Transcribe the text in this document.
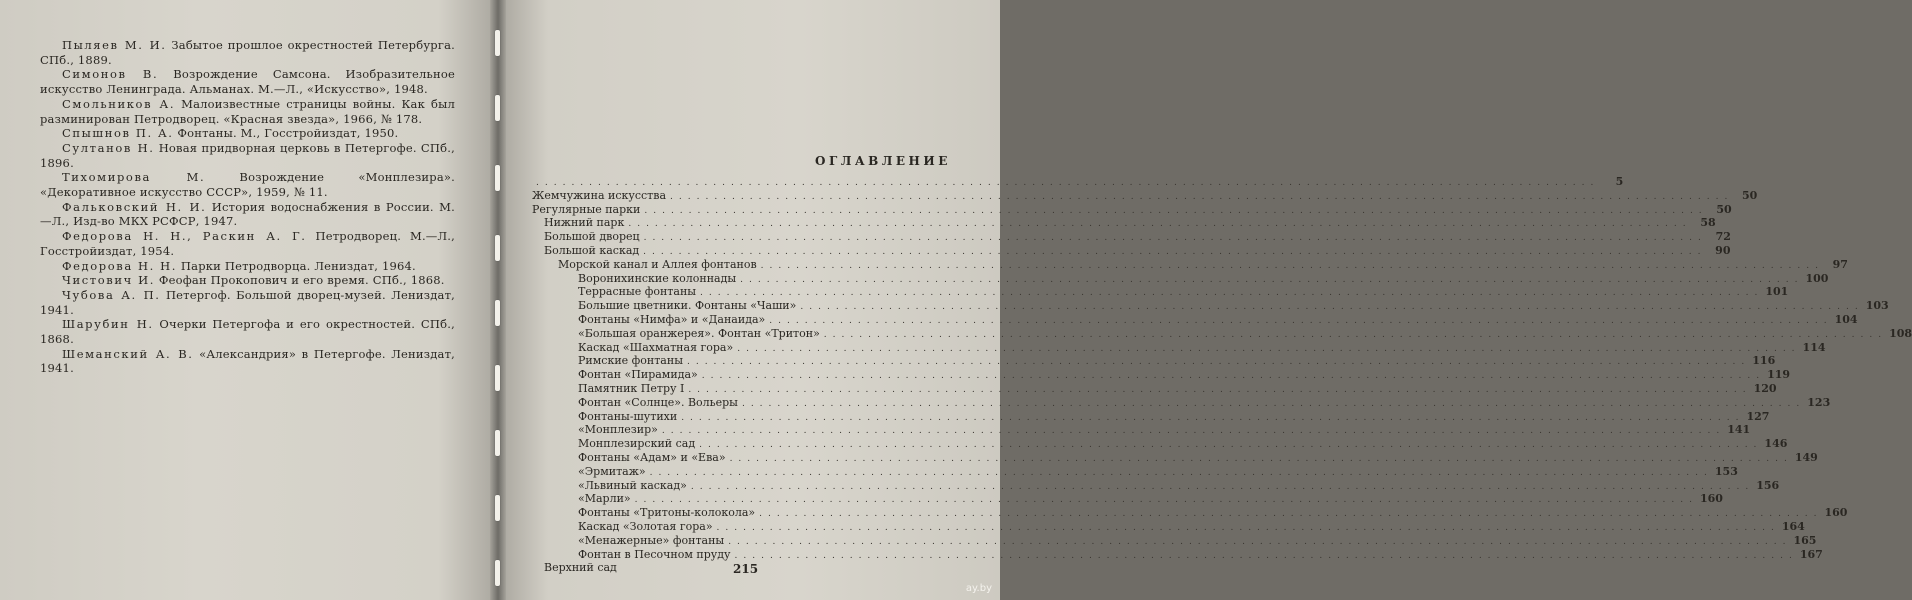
Пыляев М. И. Забытое прошлое окрестностей Петербурга. СПб., 1889.

Симонов В. Возрождение Самсона. Изобразительное искусство Ленинграда. Альманах. М.—Л., «Искусство», 1948.

Смольников А. Малоизвестные страницы войны. Как был разминирован Петродворец. «Красная звезда», 1966, № 178.

Спышнов П. А. Фонтаны. М., Госстройиздат, 1950.

Султанов Н. Новая придворная церковь в Петергофе. СПб., 1896.

Тихомирова М. Возрождение «Монплезира». «Декоративное искусство СССР», 1959, № 11.

Фальковский Н. И. История водоснабжения в России. М.—Л., Изд-во МКХ РСФСР, 1947.

Федорова Н. Н., Раскин А. Г. Петродворец. М.—Л., Госстройиздат, 1954.

Федорова Н. Н. Парки Петродворца. Лениздат, 1964.

Чистович И. Феофан Прокопович и его время. СПб., 1868.

Чубова А. П. Петергоф. Большой дворец-музей. Лениздат, 1941.

Шарубин Н. Очерки Петергофа и его окрестностей. СПб., 1868.

Шеманский А. В. «Александрия» в Петергофе. Лениздат, 1941.

ОГЛАВЛЕНИЕ
........................................................................................................................	5
Жемчужина искусства ........................................................................................................................ 50
Регулярные парки ........................................................................................................................ 50
Нижний парк ........................................................................................................................ 58
Большой дворец ........................................................................................................................ 72
Большой каскад ........................................................................................................................ 90
Морской канал и Аллея фонтанов ........................................................................................................................ 97
Воронихинские колоннады ........................................................................................................................ 100
Террасные фонтаны ........................................................................................................................ 101
Большие цветники. Фонтаны «Чаши» ........................................................................................................................ 103
Фонтаны «Нимфа» и «Данаида» ........................................................................................................................ 104
«Большая оранжерея». Фонтан «Тритон» ........................................................................................................................ 108
Каскад «Шахматная гора» ........................................................................................................................ 114
Римские фонтаны ........................................................................................................................ 116
Фонтан «Пирамида» ........................................................................................................................ 119
Памятник Петру I ........................................................................................................................ 120
Фонтан «Солнце». Вольеры ........................................................................................................................ 123
Фонтаны-шутихи ........................................................................................................................ 127
«Монплезир» ........................................................................................................................ 141
Монплезирский сад ........................................................................................................................ 146
Фонтаны «Адам» и «Ева» ........................................................................................................................ 149
«Эрмитаж» ........................................................................................................................ 153
«Львиный каскад» ........................................................................................................................ 156
«Марли» ........................................................................................................................ 160
Фонтаны «Тритоны-колокола» ........................................................................................................................ 160
Каскад «Золотая гора» ........................................................................................................................ 164
«Менажерные» фонтаны ........................................................................................................................ 165
Фонтан в Песочном пруду ........................................................................................................................ 167
Верхний сад	215
ay.by
